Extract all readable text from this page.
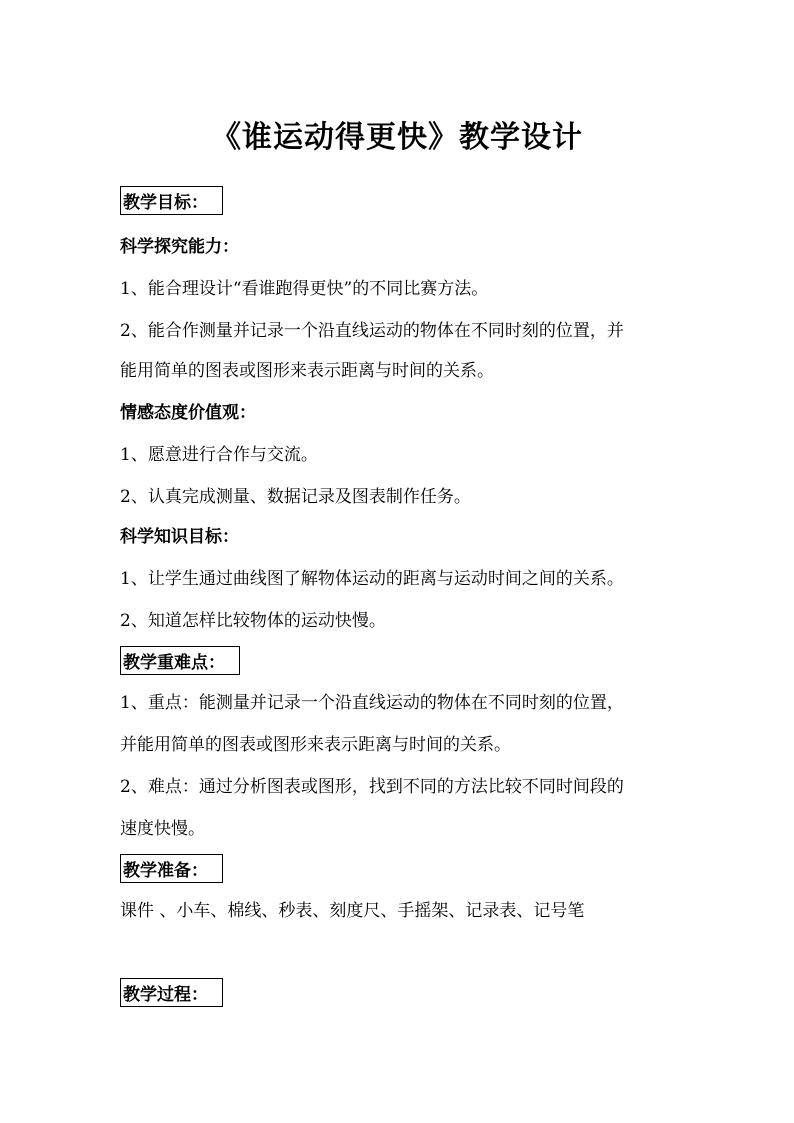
《谁运动得更快》教学设计
教学目标：
科学探究能力：
1、能合理设计“看谁跑得更快”的不同比赛方法。
2、能合作测量并记录一个沿直线运动的物体在不同时刻的位置，并
能用简单的图表或图形来表示距离与时间的关系。
情感态度价值观：
1、愿意进行合作与交流。
2、认真完成测量、数据记录及图表制作任务。
科学知识目标：
1、让学生通过曲线图了解物体运动的距离与运动时间之间的关系。
2、知道怎样比较物体的运动快慢。
教学重难点：
1、重点：能测量并记录一个沿直线运动的物体在不同时刻的位置，
并能用简单的图表或图形来表示距离与时间的关系。
2、难点：通过分析图表或图形，找到不同的方法比较不同时间段的
速度快慢。
教学准备：
课件 、小车、棉线、秒表、刻度尺、手摇架、记录表、记号笔
教学过程：
